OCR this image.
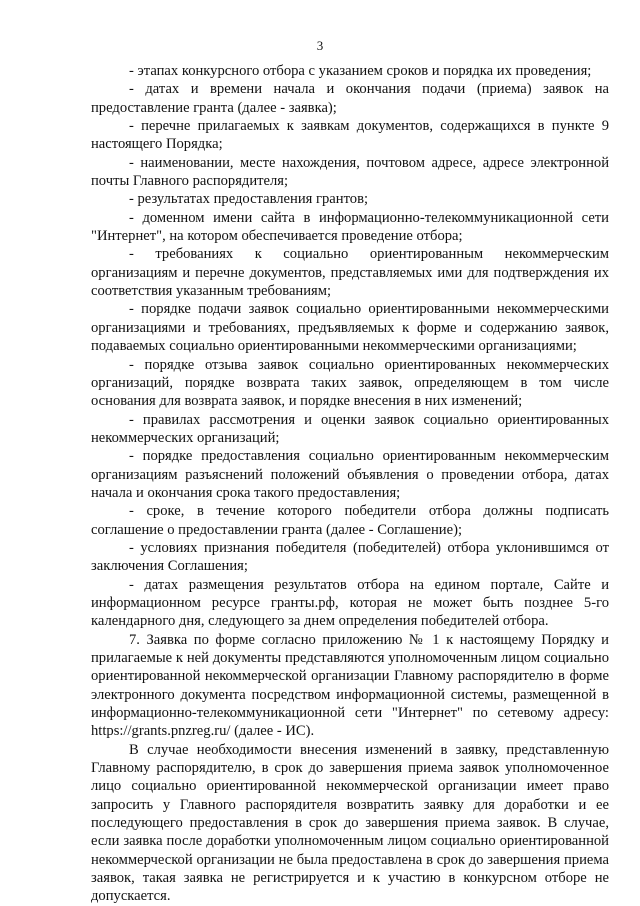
3

- этапах конкурсного отбора с указанием сроков и порядка их проведения;

- датах и времени начала и окончания подачи (приема) заявок на предоставление гранта (далее - заявка);

- перечне прилагаемых к заявкам документов, содержащихся в пункте 9 настоящего Порядка;

- наименовании, месте нахождения, почтовом адресе, адресе электронной почты Главного распорядителя;

- результатах предоставления грантов;

- доменном имени сайта в информационно-телекоммуникационной сети "Интернет", на котором обеспечивается проведение отбора;

- требованиях к социально ориентированным некоммерческим организациям и перечне документов, представляемых ими для подтверждения их соответствия указанным требованиям;

- порядке подачи заявок социально ориентированными некоммерческими организациями и требованиях, предъявляемых к форме и содержанию заявок, подаваемых социально ориентированными некоммерческими организациями;

- порядке отзыва заявок социально ориентированных некоммерческих организаций, порядке возврата таких заявок, определяющем в том числе основания для возврата заявок, и порядке внесения в них изменений;

- правилах рассмотрения и оценки заявок социально ориентированных некоммерческих организаций;

- порядке предоставления социально ориентированным некоммерческим организациям разъяснений положений объявления о проведении отбора, датах начала и окончания срока такого предоставления;

- сроке, в течение которого победители отбора должны подписать соглашение о предоставлении гранта (далее - Соглашение);

- условиях признания победителя (победителей) отбора уклонившимся от заключения Соглашения;

- датах размещения результатов отбора на едином портале, Сайте и информационном ресурсе гранты.рф, которая не может быть позднее 5-го календарного дня, следующего за днем определения победителей отбора.

7. Заявка по форме согласно приложению № 1 к настоящему Порядку и прилагаемые к ней документы представляются уполномоченным лицом социально ориентированной некоммерческой организации Главному распорядителю в форме электронного документа посредством информационной системы, размещенной в информационно-телекоммуникационной сети "Интернет" по сетевому адресу: https://grants.pnzreg.ru/ (далее - ИС).

В случае необходимости внесения изменений в заявку, представленную Главному распорядителю, в срок до завершения приема заявок уполномоченное лицо социально ориентированной некоммерческой организации имеет право запросить у Главного распорядителя возвратить заявку для доработки и ее последующего предоставления в срок до завершения приема заявок. В случае, если заявка после доработки уполномоченным лицом социально ориентированной некоммерческой организации не была предоставлена в срок до завершения приема заявок, такая заявка не регистрируется и к участию в конкурсном отборе не допускается.
